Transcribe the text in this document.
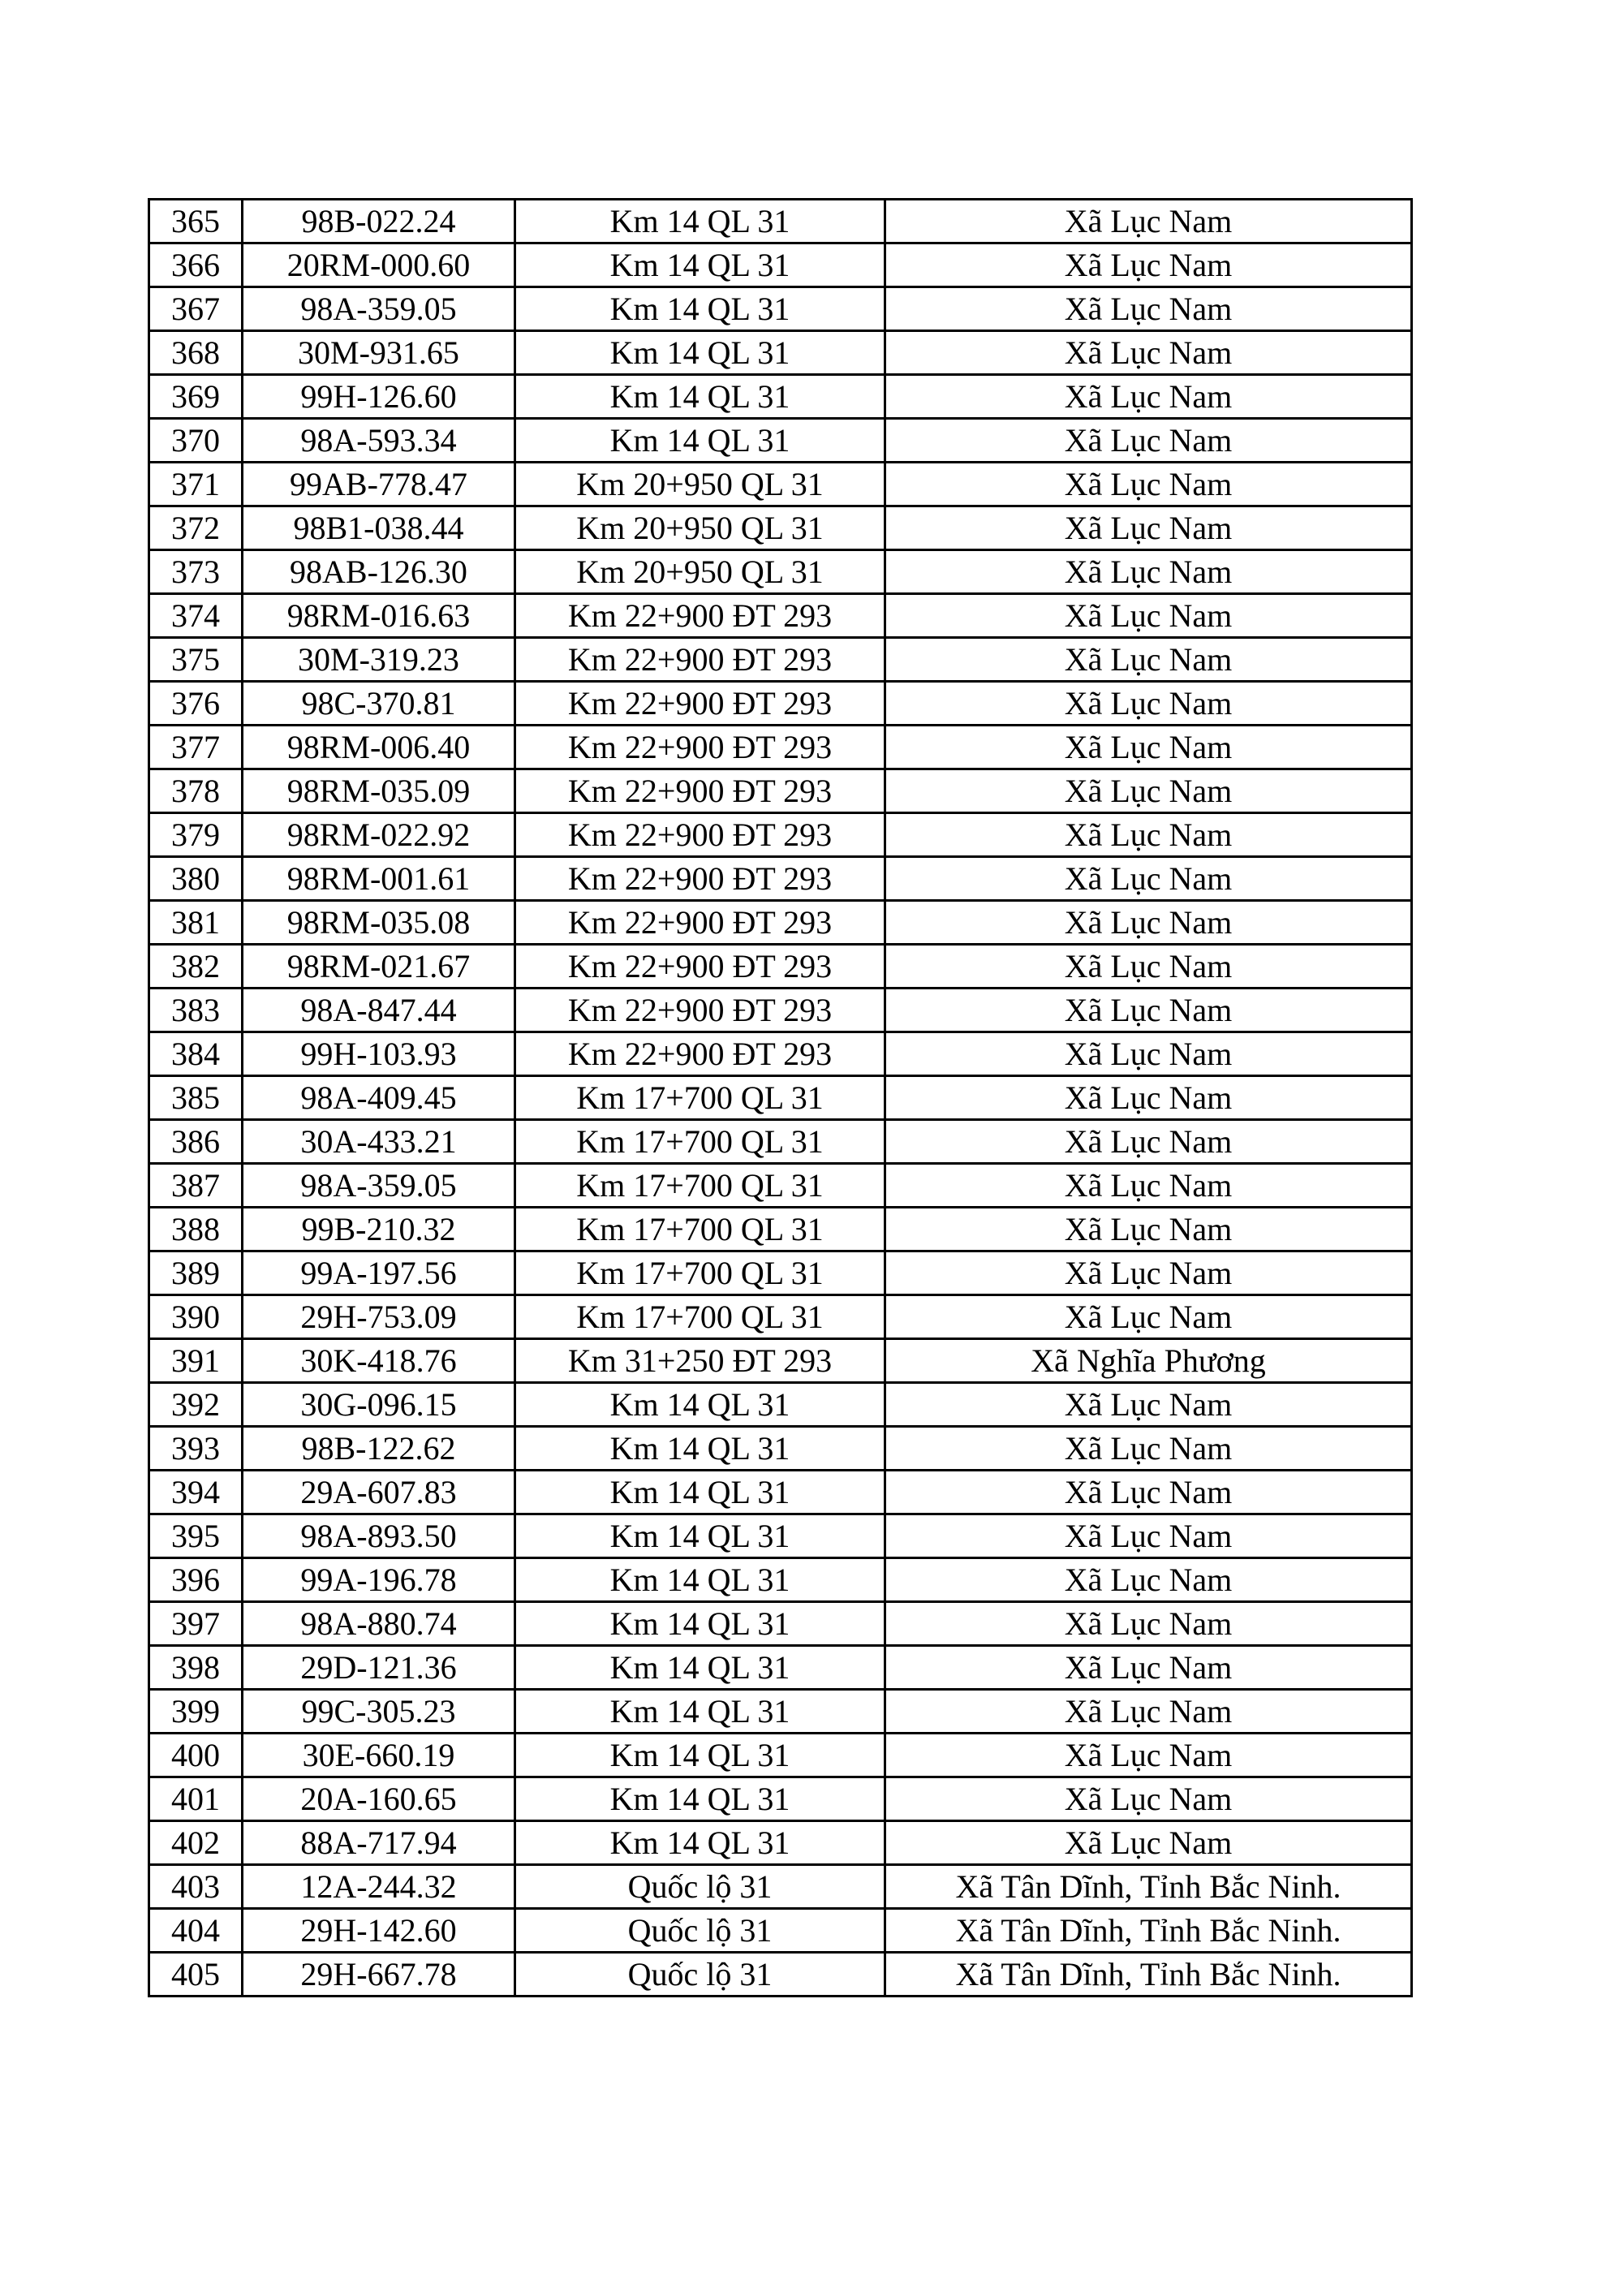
365	98B-022.24	Km 14 QL 31	Xã Lục Nam
366	20RM-000.60	Km 14 QL 31	Xã Lục Nam
367	98A-359.05	Km 14 QL 31	Xã Lục Nam
368	30M-931.65	Km 14 QL 31	Xã Lục Nam
369	99H-126.60	Km 14 QL 31	Xã Lục Nam
370	98A-593.34	Km 14 QL 31	Xã Lục Nam
371	99AB-778.47	Km 20+950 QL 31	Xã Lục Nam
372	98B1-038.44	Km 20+950 QL 31	Xã Lục Nam
373	98AB-126.30	Km 20+950 QL 31	Xã Lục Nam
374	98RM-016.63	Km 22+900 ĐT 293	Xã Lục Nam
375	30M-319.23	Km 22+900 ĐT 293	Xã Lục Nam
376	98C-370.81	Km 22+900 ĐT 293	Xã Lục Nam
377	98RM-006.40	Km 22+900 ĐT 293	Xã Lục Nam
378	98RM-035.09	Km 22+900 ĐT 293	Xã Lục Nam
379	98RM-022.92	Km 22+900 ĐT 293	Xã Lục Nam
380	98RM-001.61	Km 22+900 ĐT 293	Xã Lục Nam
381	98RM-035.08	Km 22+900 ĐT 293	Xã Lục Nam
382	98RM-021.67	Km 22+900 ĐT 293	Xã Lục Nam
383	98A-847.44	Km 22+900 ĐT 293	Xã Lục Nam
384	99H-103.93	Km 22+900 ĐT 293	Xã Lục Nam
385	98A-409.45	Km 17+700 QL 31	Xã Lục Nam
386	30A-433.21	Km 17+700 QL 31	Xã Lục Nam
387	98A-359.05	Km 17+700 QL 31	Xã Lục Nam
388	99B-210.32	Km 17+700 QL 31	Xã Lục Nam
389	99A-197.56	Km 17+700 QL 31	Xã Lục Nam
390	29H-753.09	Km 17+700 QL 31	Xã Lục Nam
391	30K-418.76	Km 31+250 ĐT 293	Xã Nghĩa Phương
392	30G-096.15	Km 14 QL 31	Xã Lục Nam
393	98B-122.62	Km 14 QL 31	Xã Lục Nam
394	29A-607.83	Km 14 QL 31	Xã Lục Nam
395	98A-893.50	Km 14 QL 31	Xã Lục Nam
396	99A-196.78	Km 14 QL 31	Xã Lục Nam
397	98A-880.74	Km 14 QL 31	Xã Lục Nam
398	29D-121.36	Km 14 QL 31	Xã Lục Nam
399	99C-305.23	Km 14 QL 31	Xã Lục Nam
400	30E-660.19	Km 14 QL 31	Xã Lục Nam
401	20A-160.65	Km 14 QL 31	Xã Lục Nam
402	88A-717.94	Km 14 QL 31	Xã Lục Nam
403	12A-244.32	Quốc lộ 31	Xã Tân Dĩnh, Tỉnh Bắc Ninh.
404	29H-142.60	Quốc lộ 31	Xã Tân Dĩnh, Tỉnh Bắc Ninh.
405	29H-667.78	Quốc lộ 31	Xã Tân Dĩnh, Tỉnh Bắc Ninh.
